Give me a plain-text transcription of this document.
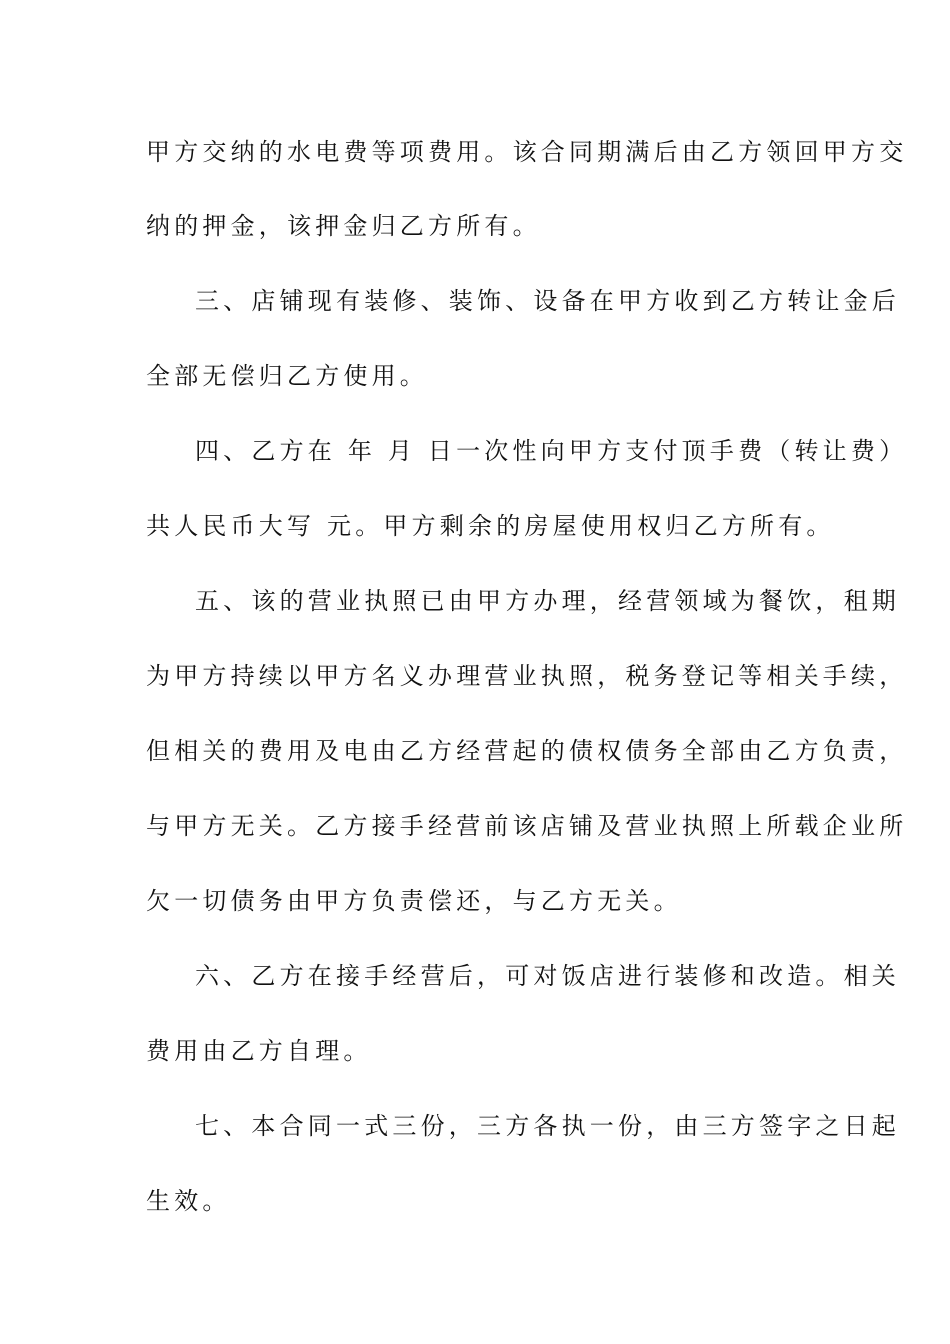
甲方交纳的水电费等项费用。该合同期满后由乙方领回甲方交
纳的押金，该押金归乙方所有。
三、店铺现有装修、装饰、设备在甲方收到乙方转让金后
全部无偿归乙方使用。
四、乙方在 年 月 日一次性向甲方支付顶手费（转让费）
共人民币大写 元。甲方剩余的房屋使用权归乙方所有。
五、该的营业执照已由甲方办理，经营领域为餐饮，租期
为甲方持续以甲方名义办理营业执照，税务登记等相关手续，
但相关的费用及电由乙方经营起的债权债务全部由乙方负责，
与甲方无关。乙方接手经营前该店铺及营业执照上所载企业所
欠一切债务由甲方负责偿还，与乙方无关。
六、乙方在接手经营后，可对饭店进行装修和改造。相关
费用由乙方自理。
七、本合同一式三份，三方各执一份，由三方签字之日起
生效。
